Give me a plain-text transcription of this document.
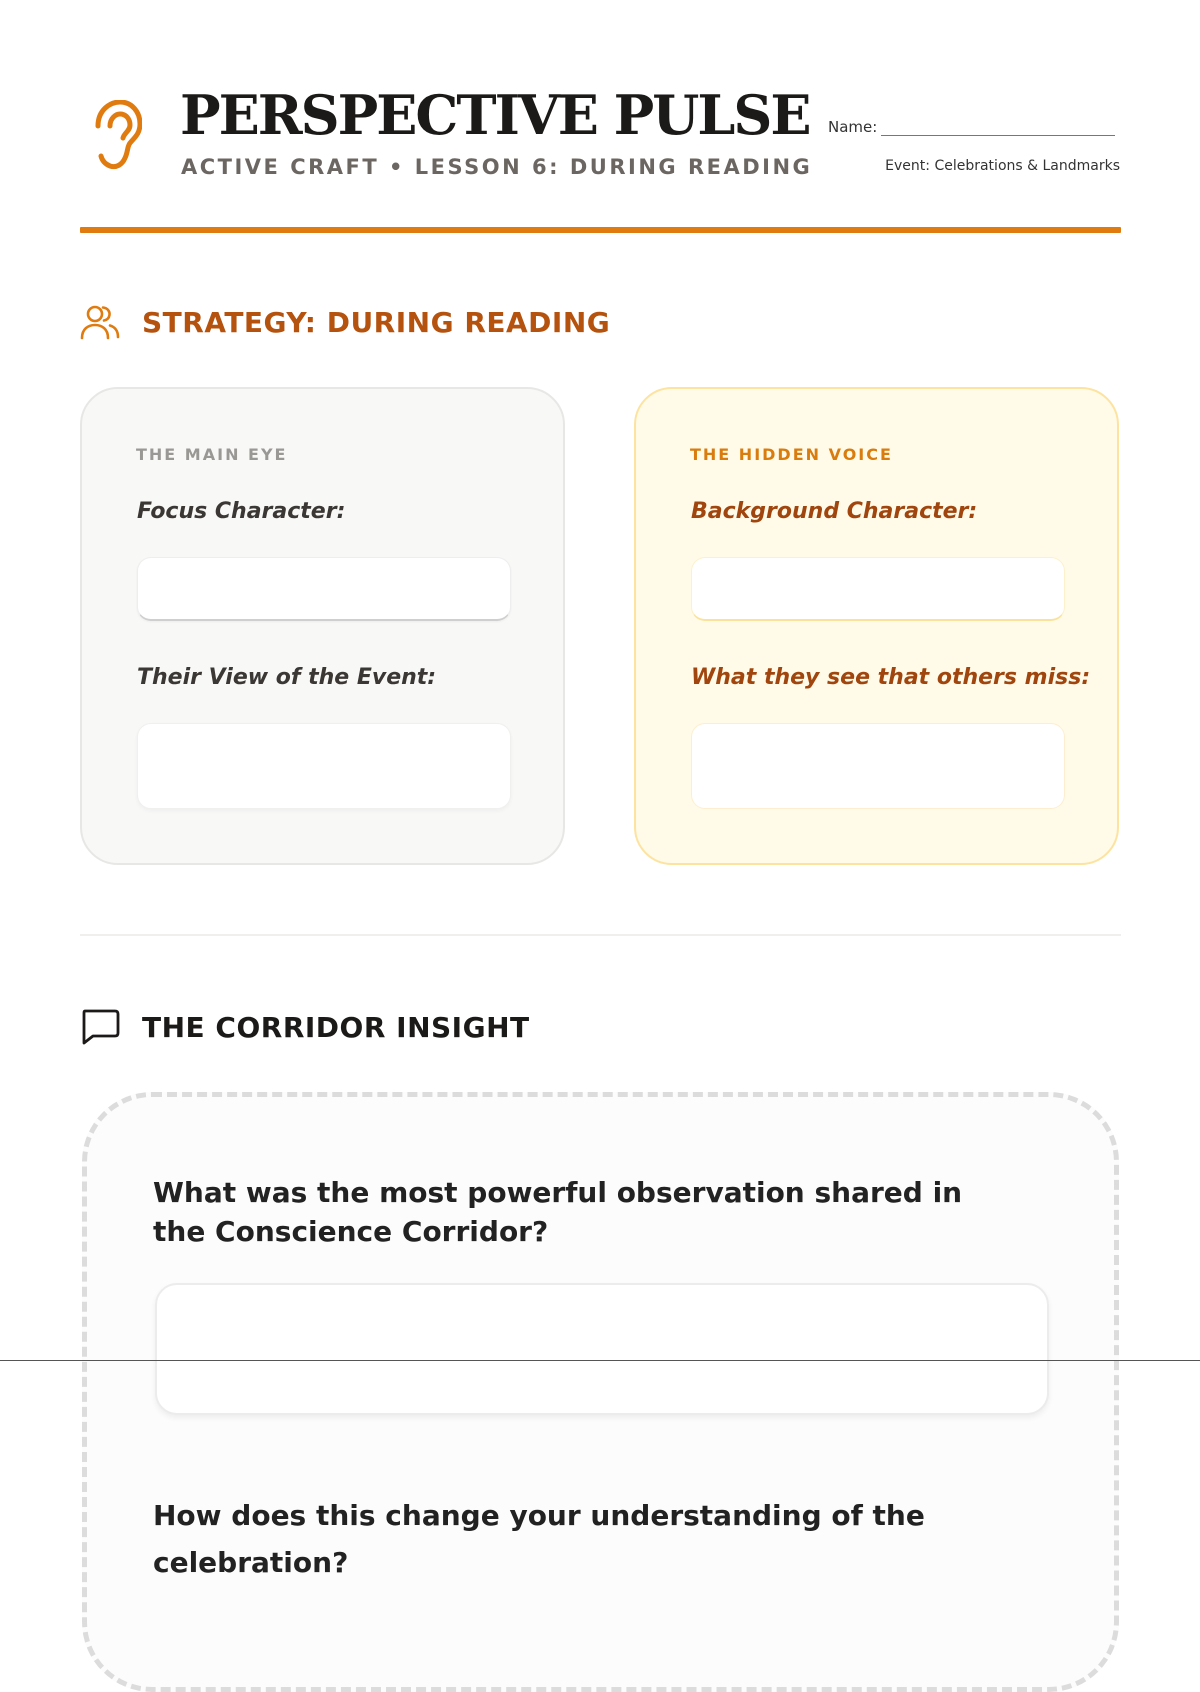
PERSPECTIVE PULSE
ACTIVE CRAFT • LESSON 6: DURING READING
Name:
Event: Celebrations & Landmarks
STRATEGY: DURING READING
THE MAIN EYE
Focus Character:
Their View of the Event:
THE HIDDEN VOICE
Background Character:
What they see that others miss:
THE CORRIDOR INSIGHT
What was the most powerful observation shared in the Conscience Corridor?
How does this change your understanding of the celebration?
